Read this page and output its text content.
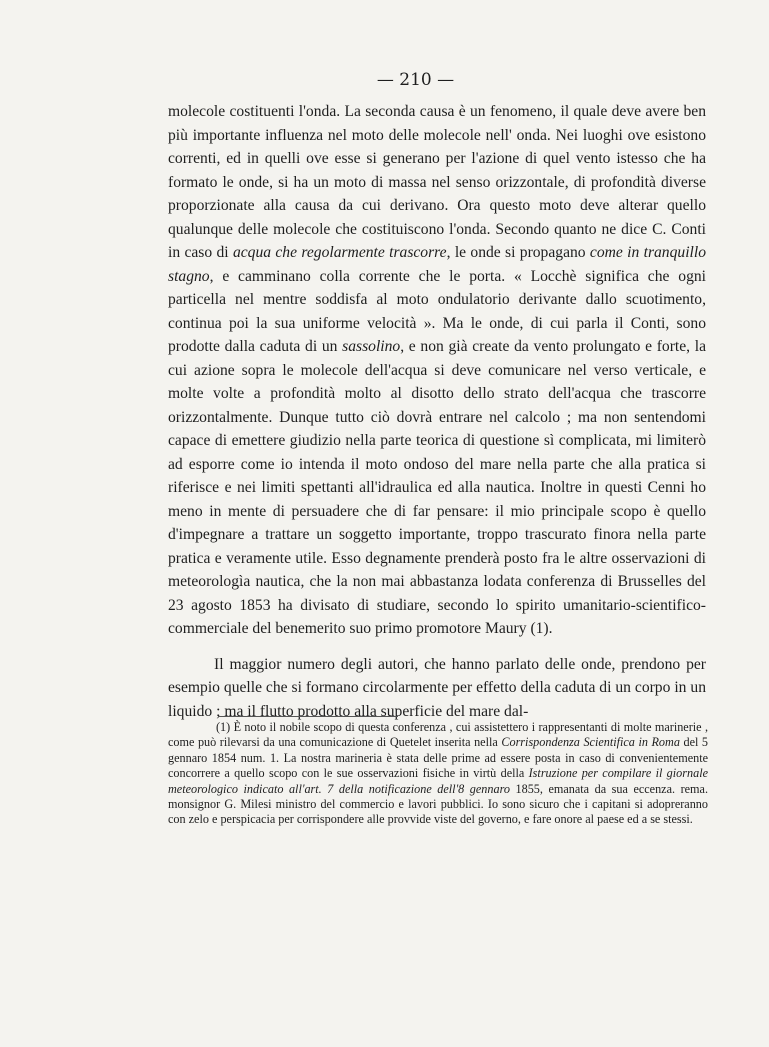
— 210 —

molecole costituenti l'onda. La seconda causa è un fenomeno, il quale deve avere ben più importante influenza nel moto delle molecole nell' onda. Nei luoghi ove esistono correnti, ed in quelli ove esse si generano per l'azione di quel vento istesso che ha formato le onde, si ha un moto di massa nel senso orizzontale, di profondità diverse proporzionate alla causa da cui derivano. Ora questo moto deve alterar quello qualunque delle molecole che costituiscono l'onda. Secondo quanto ne dice C. Conti in caso di acqua che regolarmente trascorre, le onde si propagano come in tranquillo stagno, e camminano colla corrente che le porta. « Locchè significa che ogni particella nel mentre soddisfa al moto ondulatorio derivante dallo scuotimento, continua poi la sua uniforme velocità ». Ma le onde, di cui parla il Conti, sono prodotte dalla caduta di un sassolino, e non già create da vento prolungato e forte, la cui azione sopra le molecole dell'acqua si deve comunicare nel verso verticale, e molte volte a profondità molto al disotto dello strato dell'acqua che trascorre orizzontalmente. Dunque tutto ciò dovrà entrare nel calcolo ; ma non sentendomi capace di emettere giudizio nella parte teorica di questione sì complicata, mi limiterò ad esporre come io intenda il moto ondoso del mare nella parte che alla pratica si riferisce e nei limiti spettanti all'idraulica ed alla nautica. Inoltre in questi Cenni ho meno in mente di persuadere che di far pensare: il mio principale scopo è quello d'impegnare a trattare un soggetto importante, troppo trascurato finora nella parte pratica e veramente utile. Esso degnamente prenderà posto fra le altre osservazioni di meteorologìa nautica, che la non mai abbastanza lodata conferenza di Brusselles del 23 agosto 1853 ha divisato di studiare, secondo lo spirito umanitario-scientifico-commerciale del benemerito suo primo promotore Maury (1).

Il maggior numero degli autori, che hanno parlato delle onde, prendono per esempio quelle che si formano circolarmente per effetto della caduta di un corpo in un liquido ; ma il flutto prodotto alla superficie del mare dal-

(1) È noto il nobile scopo di questa conferenza , cui assistettero i rappresentanti di molte marinerie , come può rilevarsi da una comunicazione di Quetelet inserita nella Corrispondenza Scientifica in Roma del 5 gennaro 1854 num. 1. La nostra marineria è stata delle prime ad essere posta in caso di convenientemente concorrere a quello scopo con le sue osservazioni fisiche in virtù della Istruzione per compilare il giornale meteorologico indicato all'art. 7 della notificazione dell'8 gennaro 1855, emanata da sua eccenza. rema. monsignor G. Milesi ministro del commercio e lavori pubblici. Io sono sicuro che i capitani si adopreranno con zelo e perspicacia per corrispondere alle provvide viste del governo, e fare onore al paese ed a se stessi.
